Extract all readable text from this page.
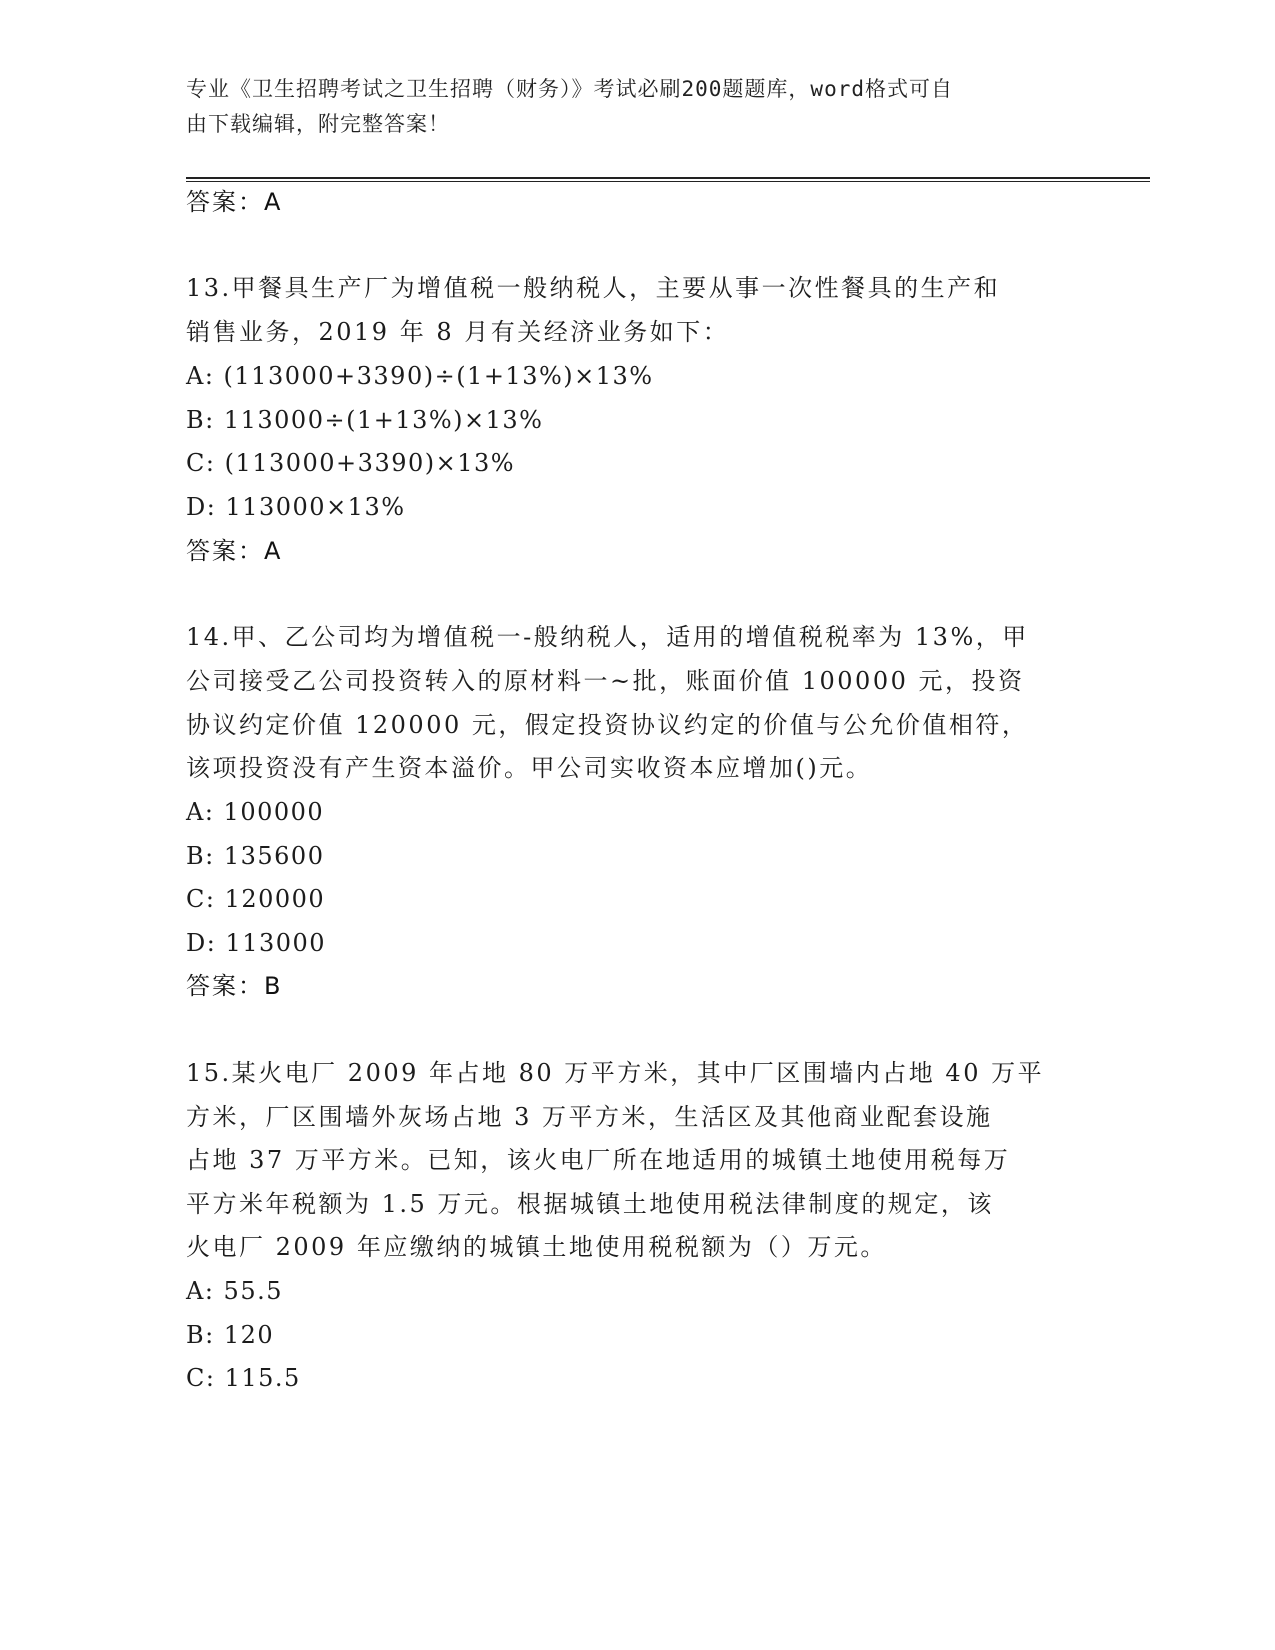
专业《卫生招聘考试之卫生招聘（财务）》考试必刷200题题库，word格式可自
由下载编辑，附完整答案！
答案：A
13.甲餐具生产厂为增值税一般纳税人，主要从事一次性餐具的生产和
销售业务，2019 年 8 月有关经济业务如下：
A: (113000+3390)÷(1+13%)×13%
B: 113000÷(1+13%)×13%
C: (113000+3390)×13%
D: 113000×13%
答案：A
14.甲、乙公司均为增值税一-般纳税人，适用的增值税税率为 13%，甲
公司接受乙公司投资转入的原材料一~批，账面价值 100000 元，投资
协议约定价值 120000 元，假定投资协议约定的价值与公允价值相符，
该项投资没有产生资本溢价。甲公司实收资本应增加()元。
A: 100000
B: 135600
C: 120000
D: 113000
答案：B
15.某火电厂 2009 年占地 80 万平方米，其中厂区围墙内占地 40 万平
方米，厂区围墙外灰场占地 3 万平方米，生活区及其他商业配套设施
占地 37 万平方米。已知，该火电厂所在地适用的城镇土地使用税每万
平方米年税额为 1.5 万元。根据城镇土地使用税法律制度的规定，该
火电厂 2009 年应缴纳的城镇土地使用税税额为（）万元。
A: 55.5
B: 120
C: 115.5
